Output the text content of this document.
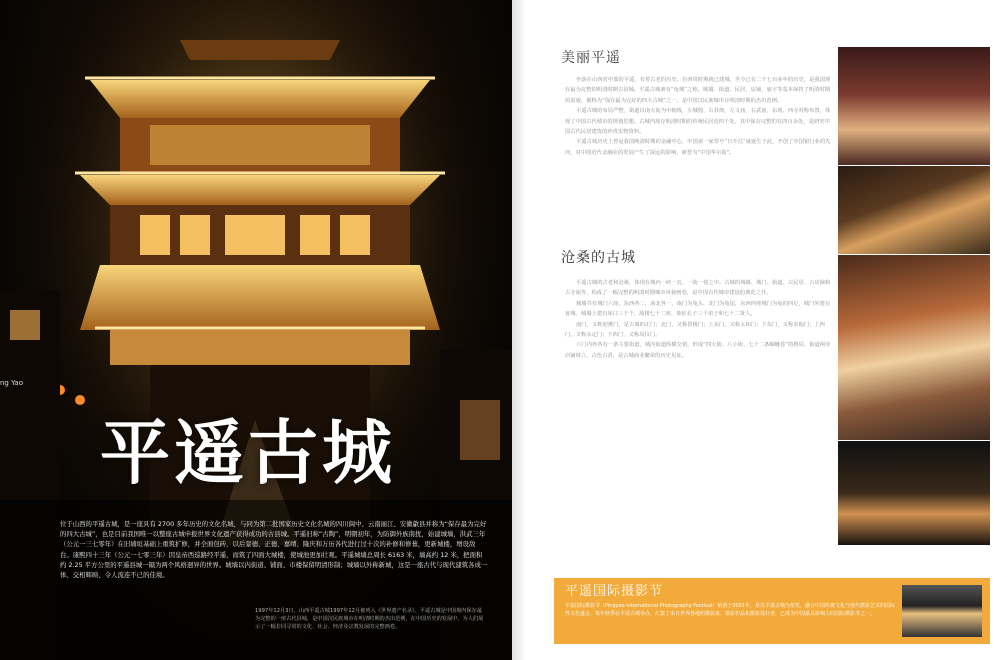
ng Yao
平遥古城

位于山西的平遥古城，是一座具有 2700 多年历史的文化名城，与同为第二批国家历史文化名城的四川阆中、云南丽江、安徽歙县并称为“保存最为完好的四大古城”，也是目前我国唯一以整座古城申报世界文化遗产获得成功的古县城。平遥旧称“古陶”，明朝初年，为防御外族南扰，始建城墙，洪武三年（公元一三七零年）在旧墙垣基础上重筑扩修，并全面包砖，以后景德、正德、嘉靖、隆庆和万历各代进行过十次的补修和修葺，更新城楼，增设敌台。康熙四十三年（公元一七零三年）因皇帝西巡路经平遥，而筑了四面大城楼，使城池更加壮观。平遥城墙总周长 6163 米，墙高约 12 米，把面积约 2.25 平方公里的平遥县城一隔为两个风格迥异的世界。城墙以内街道、铺面、市楼保留明清形制；城墙以外称新城，这是一座古代与现代建筑各成一体、交相辉映、令人流连不已的佳境。

1997年12月3日，山西平遥古城1997年12月被列入《世界遗产名录》。平遥古城是中国境内保存最为完整的一座古代县城，是中国汉民族城市在明清时期的杰出范例，在中国历史的发展中，为人们展示了一幅非同寻常的文化、社会、经济及宗教发展的完整画卷。

美丽平遥

坐落在山西省中部的平遥，有着古老的历史，自西周时期就已建城，至今已有二千七百多年的历史，是我国现存最为完整的明清时期古县城。平遥古城素有“龟城”之称，城墙、街道、民居、店铺、庙宇等基本保持了明清时期的原貌，被称为“保存最为完好的四大古城”之一，是中国汉民族城市在明清时期的杰出范例。

平遥古城的布局严整，街道以南大街为中轴线，左城隍、右县衙，左文庙、右武庙，东观、西寺对称布置，体现了中国古代城市的规划思想。古城内现存明清时期的传统民居近四千处，其中保存完整的有四百余处，是研究中国古代民居建筑的珍贵实物资料。

平遥古城历史上曾是我国晚清时期的金融中心，中国第一家票号“日升昌”就诞生于此，开创了中国银行业的先河，对中国近代金融业的发展产生了深远的影响，被誉为“中国华尔街”。

沧桑的古城

平遥古城的古老和沧桑，体现在城内一砖一瓦、一街一巷之中。古城的城墙、城门、街道、古民居、古店铺和古寺庙等，构成了一幅完整的明清时期城市风貌画卷，是中国古代城市建设的典范之作。

城墙共有城门六座，东西各二，南北各一，南门为龟头，北门为龟尾，东西四座城门为龟的四足，城门外建有瓮城，城墙上建有垛口三千个，敌楼七十二座，象征孔子三千弟子和七十二贤人。

南门，又称迎薰门，是古城的正门；北门，又称拱极门；上东门，又称太和门；下东门，又称亲翰门；上西门，又称永定门；下西门，又称凤仪门。

六门内外各有一条主要街道，城内街道纵横交错，形成“四大街、八小街、七十二条蚰蜒巷”的格局，街道两旁店铺林立，古色古香，是古城商业繁荣的历史见证。

平遥国际摄影节

平遥国际摄影节（Pingyao International Photography Festival）始创于2001年，是以平遥古城为依托，融合中国传统文化与现代摄影艺术的国际性文化盛会，每年秋季在平遥古城举办，汇集了来自世界各地的摄影家、摄影作品和摄影爱好者，已成为中国最具影响力的国际摄影节之一。
